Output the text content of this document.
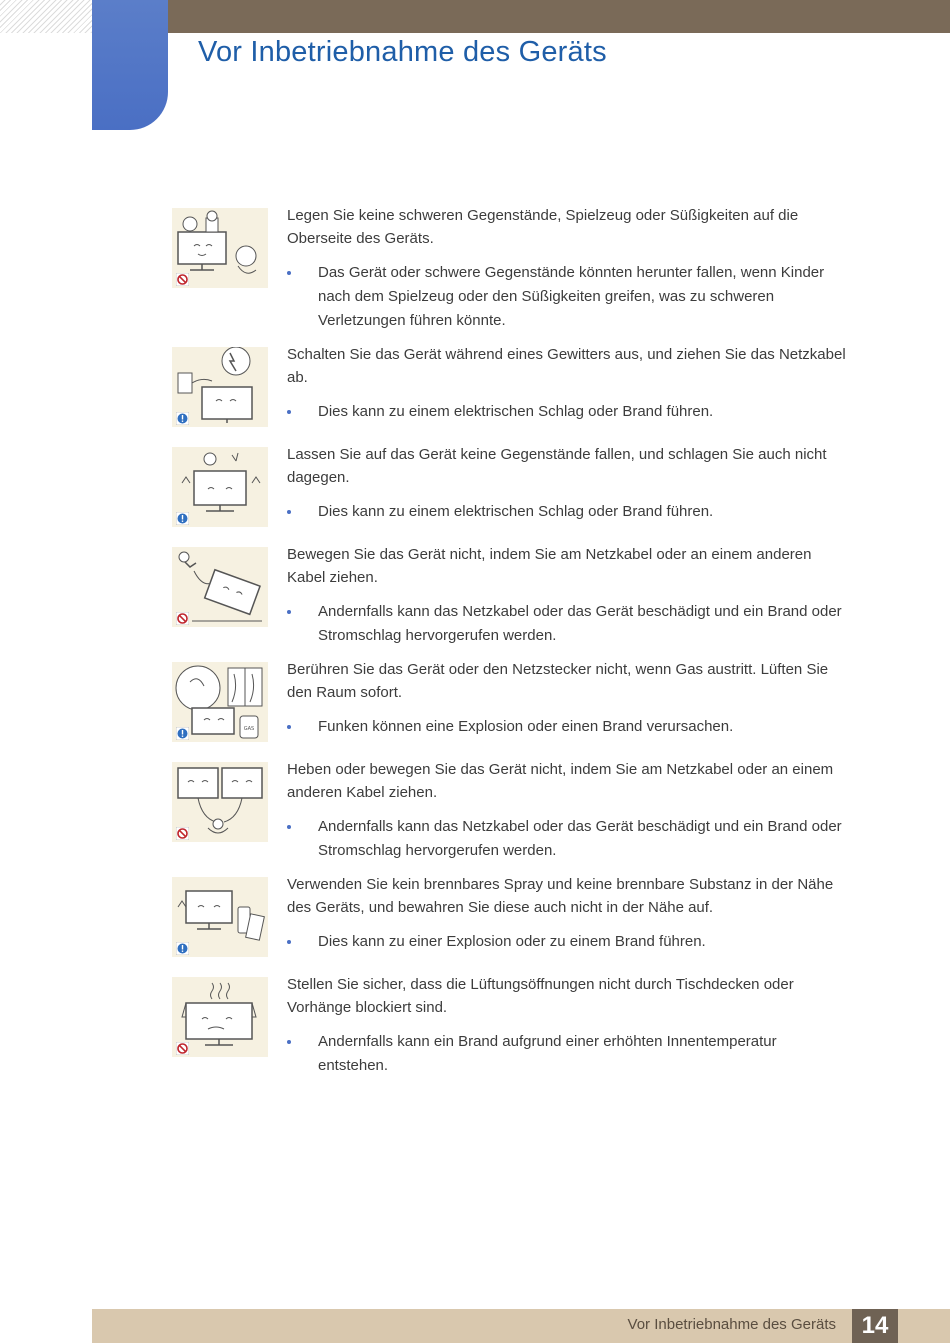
Vor Inbetriebnahme des Geräts

Legen Sie keine schweren Gegenstände, Spielzeug oder Süßigkeiten auf die Oberseite des Geräts.

Das Gerät oder schwere Gegenstände könnten herunter fallen, wenn Kinder nach dem Spielzeug oder den Süßigkeiten greifen, was zu schweren Verletzungen führen könnte.

Schalten Sie das Gerät während eines Gewitters aus, und ziehen Sie das Netzkabel ab.

Dies kann zu einem elektrischen Schlag oder Brand führen.

Lassen Sie auf das Gerät keine Gegenstände fallen, und schlagen Sie auch nicht dagegen.

Dies kann zu einem elektrischen Schlag oder Brand führen.

Bewegen Sie das Gerät nicht, indem Sie am Netzkabel oder an einem anderen Kabel ziehen.

Andernfalls kann das Netzkabel oder das Gerät beschädigt und ein Brand oder Stromschlag hervorgerufen werden.

GAS

Berühren Sie das Gerät oder den Netzstecker nicht, wenn Gas austritt. Lüften Sie den Raum sofort.

Funken können eine Explosion oder einen Brand verursachen.

Heben oder bewegen Sie das Gerät nicht, indem Sie am Netzkabel oder an einem anderen Kabel ziehen.

Andernfalls kann das Netzkabel oder das Gerät beschädigt und ein Brand oder Stromschlag hervorgerufen werden.

Verwenden Sie kein brennbares Spray und keine brennbare Substanz in der Nähe des Geräts, und bewahren Sie diese auch nicht in der Nähe auf.

Dies kann zu einer Explosion oder zu einem Brand führen.

Stellen Sie sicher, dass die Lüftungsöffnungen nicht durch Tischdecken oder Vorhänge blockiert sind.

Andernfalls kann ein Brand aufgrund einer erhöhten Innentemperatur entstehen.

Vor Inbetriebnahme des Geräts	14
